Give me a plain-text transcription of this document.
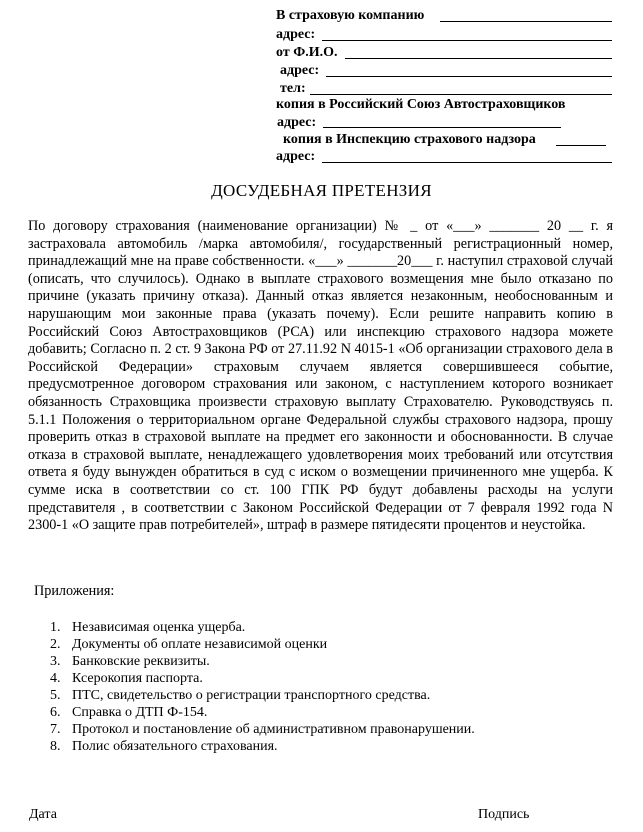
В страховую компанию
адрес:
от Ф.И.О.
адрес:
тел:
копия в Российский Союз Автостраховщиков
адрес:
копия в Инспекцию страхового надзора
адрес:
ДОСУДЕБНАЯ ПРЕТЕНЗИЯ

По договору страхования (наименование организации) № _ от «___» _______ 20 __ г. я застраховала автомобиль /марка автомобиля/, государственный регистрационный номер, принадлежащий мне на праве собственности. «___» _______20___ г. наступил страховой случай (описать, что случилось). Однако в выплате страхового возмещения мне было отказано по причине (указать причину отказа). Данный отказ является незаконным, необоснованным и нарушающим мои законные права (указать почему). Если решите направить копию в Российский Союз Автостраховщиков (РСА) или инспекцию страхового надзора можете добавить; Согласно п. 2 ст. 9 Закона РФ от 27.11.92 N 4015-1 «Об организации страхового дела в Российской Федерации» страховым случаем является совершившееся событие, предусмотренное договором страхования или законом, с наступлением которого возникает обязанность Страховщика произвести страховую выплату Страхователю. Руководствуясь п. 5.1.1 Положения о территориальном органе Федеральной службы страхового надзора, прошу проверить отказ в страховой выплате на предмет его законности и обоснованности. В случае отказа в страховой выплате, ненадлежащего удовлетворения моих требований или отсутствия ответа я буду вынужден обратиться в суд с иском о возмещении причиненного мне ущерба. К сумме иска в соответствии со ст. 100 ГПК РФ будут добавлены расходы на услуги представителя , в соответствии с Законом Российской Федерации от 7 февраля 1992 года N 2300-1 «О защите прав потребителей», штраф в размере пятидесяти процентов и неустойка.

Приложения:
1. Независимая оценка ущерба.
2. Документы об оплате независимой оценки
3. Банковские реквизиты.
4. Ксерокопия паспорта.
5. ПТС, свидетельство о регистрации транспортного средства.
6. Справка о ДТП Ф-154.
7. Протокол и постановление об административном правонарушении.
8. Полис обязательного страхования.
Дата	Подпись
